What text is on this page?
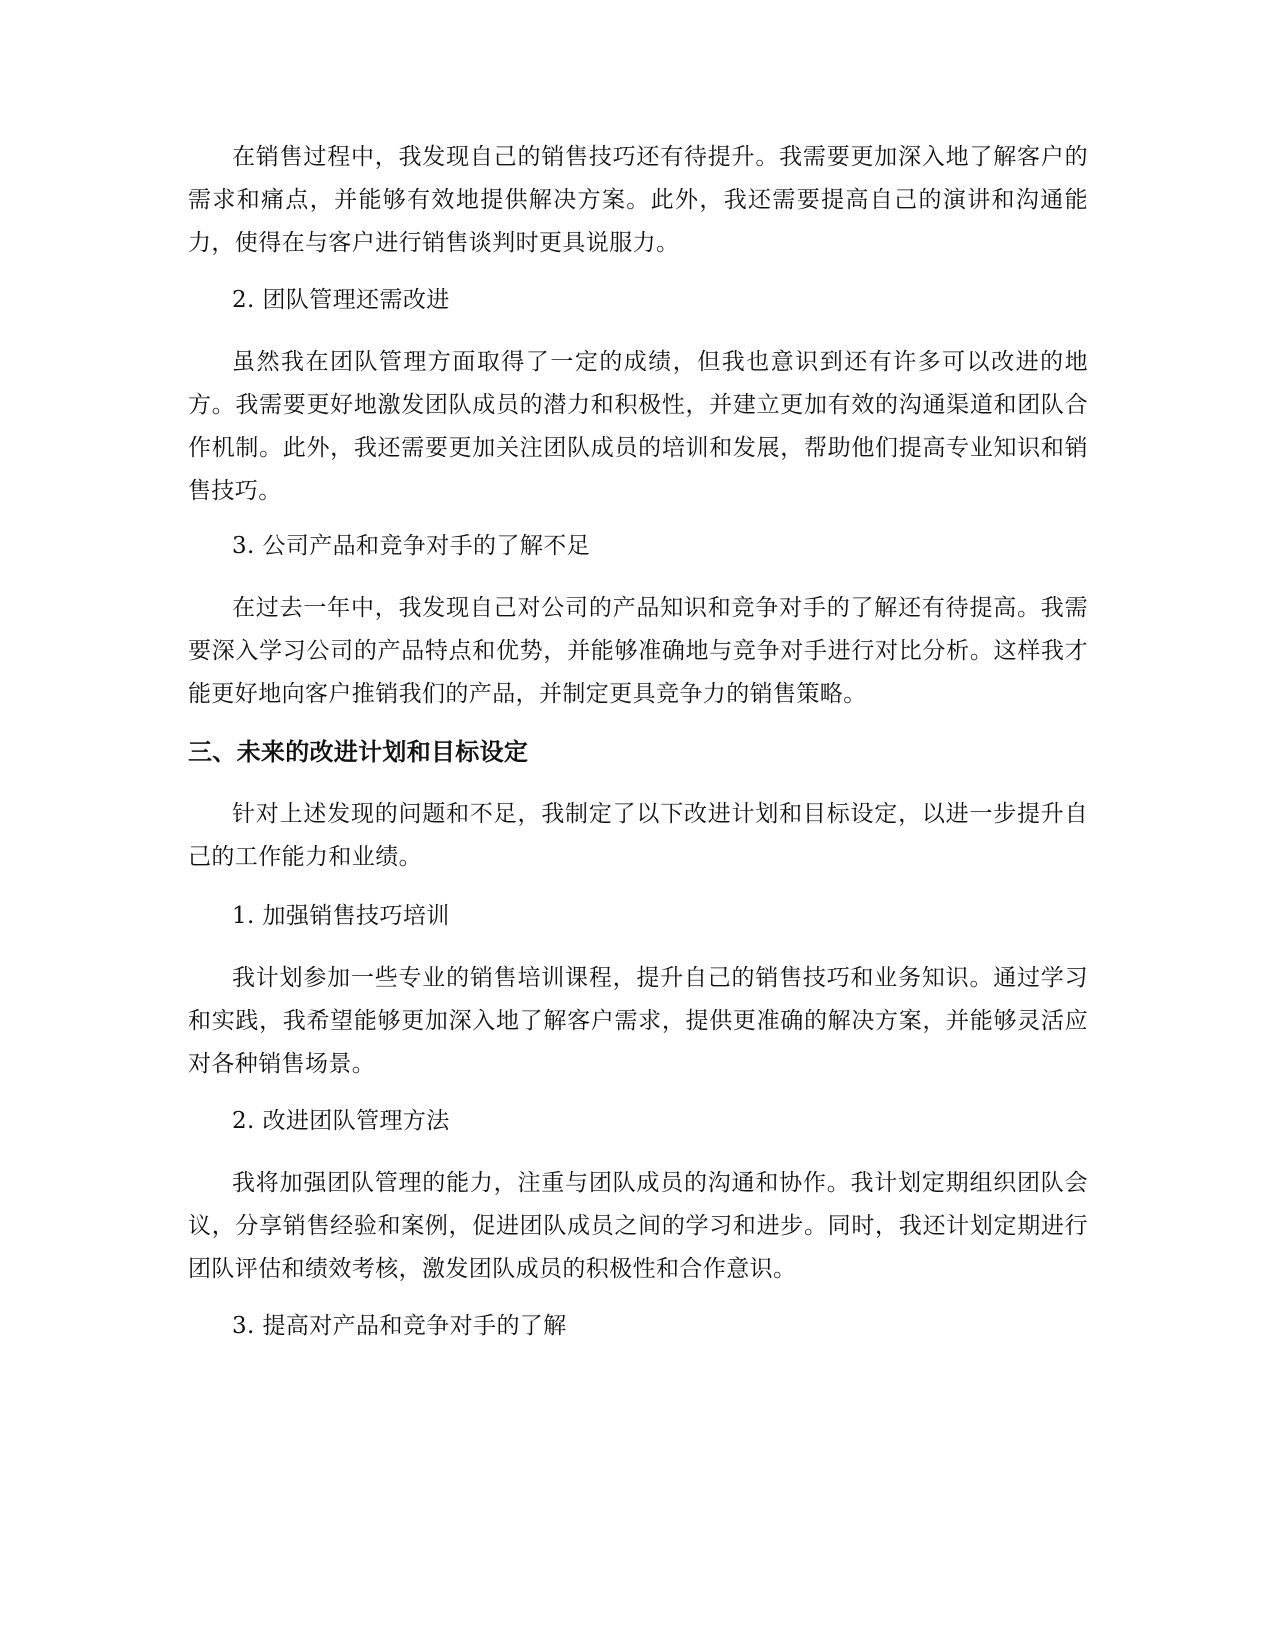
在销售过程中，我发现自己的销售技巧还有待提升。我需要更加深入地了解客户的需求和痛点，并能够有效地提供解决方案。此外，我还需要提高自己的演讲和沟通能力，使得在与客户进行销售谈判时更具说服力。

2. 团队管理还需改进

虽然我在团队管理方面取得了一定的成绩，但我也意识到还有许多可以改进的地方。我需要更好地激发团队成员的潜力和积极性，并建立更加有效的沟通渠道和团队合作机制。此外，我还需要更加关注团队成员的培训和发展，帮助他们提高专业知识和销售技巧。

3. 公司产品和竞争对手的了解不足

在过去一年中，我发现自己对公司的产品知识和竞争对手的了解还有待提高。我需要深入学习公司的产品特点和优势，并能够准确地与竞争对手进行对比分析。这样我才能更好地向客户推销我们的产品，并制定更具竞争力的销售策略。

三、未来的改进计划和目标设定

针对上述发现的问题和不足，我制定了以下改进计划和目标设定，以进一步提升自己的工作能力和业绩。

1. 加强销售技巧培训

我计划参加一些专业的销售培训课程，提升自己的销售技巧和业务知识。通过学习和实践，我希望能够更加深入地了解客户需求，提供更准确的解决方案，并能够灵活应对各种销售场景。

2. 改进团队管理方法

我将加强团队管理的能力，注重与团队成员的沟通和协作。我计划定期组织团队会议，分享销售经验和案例，促进团队成员之间的学习和进步。同时，我还计划定期进行团队评估和绩效考核，激发团队成员的积极性和合作意识。

3. 提高对产品和竞争对手的了解
